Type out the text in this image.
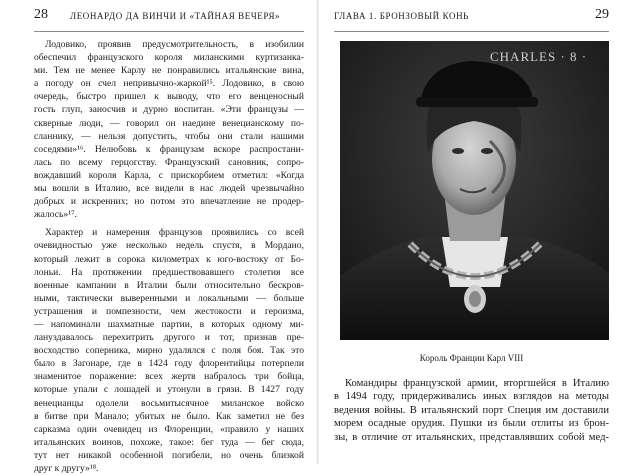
28 ЛЕОНАРДО ДА ВИНЧИ И «ТАЙНАЯ ВЕЧЕРЯ»
Лодовико, проявив предусмотрительность, в изобилии
обеспечил французского короля миланскими куртизанка-
ми. Тем не менее Карлу не понравились итальянские вина,
а погоду он счел непривычно-жаркой¹⁵. Лодовико, в свою
очередь, быстро пришел к выводу, что его венценосный
гость глуп, заносчив и дурно воспитан. «Эти французы —
скверные люди, — говорил он наедине венецианскому по-
сланнику, — нельзя допустить, чтобы они стали нашими
соседями»¹⁶. Нелюбовь к французам вскоре распростани-
лась по всему герцогству. Французский сановник, сопро-
вождавший короля Карла, с прискорбием отметил: «Когда
мы вошли в Италию, все видели в нас людей чрезвычайно
добрых и искренних; но потом это впечатление не продер-
жалось»¹⁷.
Характер и намерения французов проявились со всей
очевидностью уже несколько недель спустя, в Мордано,
который лежит в сорока километрах к юго-востоку от Бо-
лоньи. На протяжении предшествовавшего столетия все
военные кампании в Италии были относительно бескров-
ными, тактически выверенными и локальными — больше
устрашения и помпезности, чем жестокости и героизма,
— напоминали шахматные партии, в которых одному ми-
лануздавалось перехитрить другого и тот, признав пре-
восходство соперника, мирно удалялся с поля боя. Так это
было в Загонаре, где в 1424 году флорентийцы потерпели
знаменитое поражение: всех жертв набралось три бойца,
которые упали с лошадей и утонули в грязи. В 1427 году
венецианцы одолели восьмитысячное миланское войско
в битве при Маналo; убитых не было. Как заметил не без
сарказма один очевидец из Флоренции, «правило у наших
итальянских воинов, похоже, такое: бег туда — бег сюда,
тут нет никакой особенной погибели, но очень близкой
друг к другу»¹⁸.
ГЛАВА 1. БРОНЗОВЫЙ КОНЬ	29
CHARLES · 8 ·
Король Франции Карл VIII
Командиры французской армии, вторгшейся в Италию
в 1494 году, придерживались иных взглядов на методы
ведения войны. В итальянский порт Специя им доставили
морем осадные орудия. Пушки из были отлиты из брон-
зы, в отличие от итальянских, представлявших собой мед-
